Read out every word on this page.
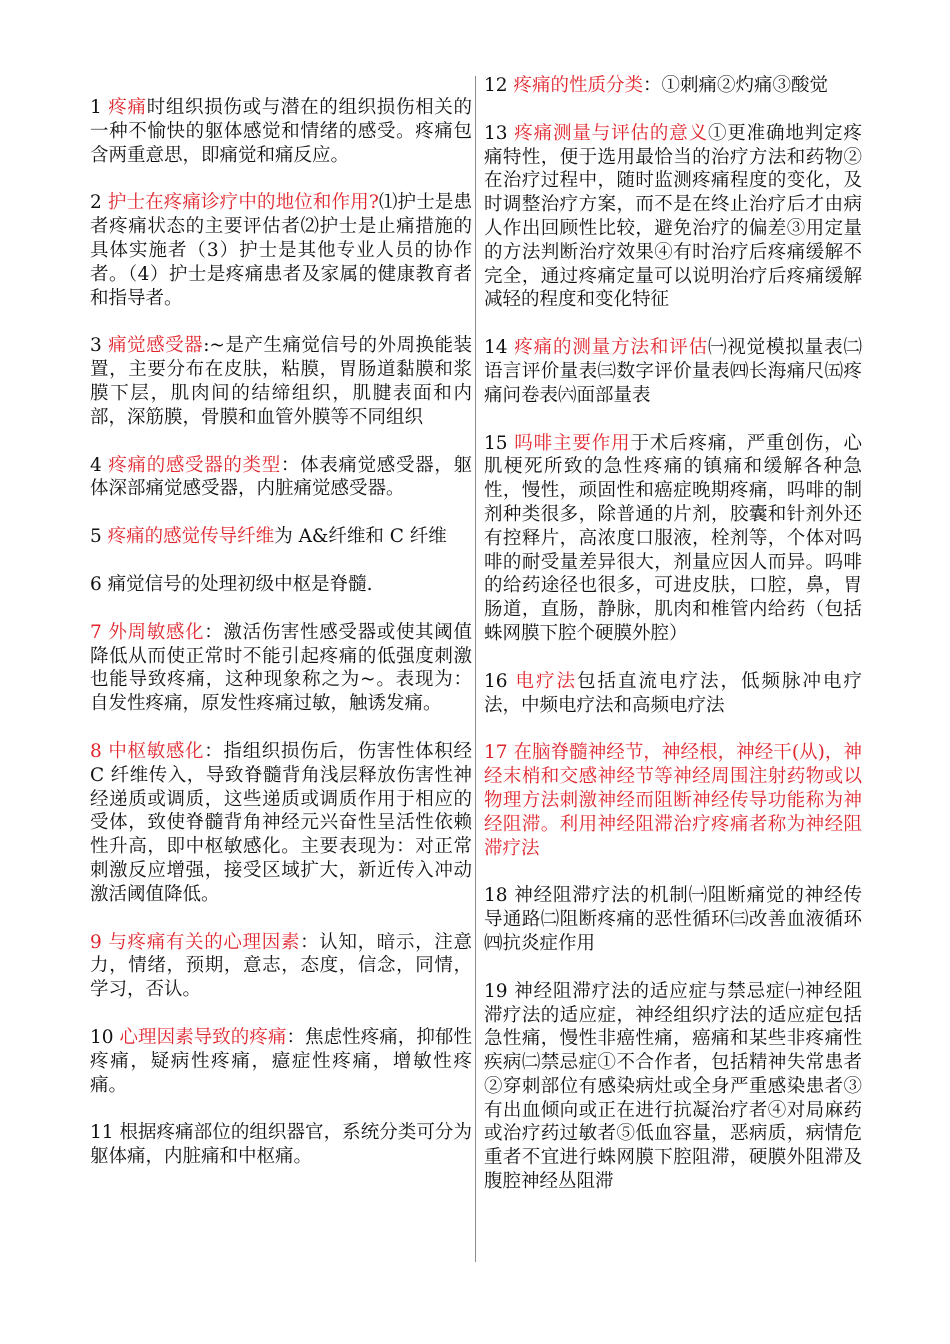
1 疼痛时组织损伤或与潜在的组织损伤相关的一种不愉快的躯体感觉和情绪的感受。疼痛包含两重意思，即痛觉和痛反应。

2 护士在疼痛诊疗中的地位和作用?⑴护士是患者疼痛状态的主要评估者⑵护士是止痛措施的具体实施者（3）护士是其他专业人员的协作者。（4）护士是疼痛患者及家属的健康教育者和指导者。

3 痛觉感受器:~是产生痛觉信号的外周换能装置，主要分布在皮肤，粘膜，胃肠道黏膜和浆膜下层，肌肉间的结缔组织，肌腱表面和内部，深筋膜，骨膜和血管外膜等不同组织

4 疼痛的感受器的类型：体表痛觉感受器，躯体深部痛觉感受器，内脏痛觉感受器。

5 疼痛的感觉传导纤维为 A&纤维和 C 纤维

6 痛觉信号的处理初级中枢是脊髓.

7 外周敏感化：激活伤害性感受器或使其阈值降低从而使正常时不能引起疼痛的低强度刺激也能导致疼痛，这种现象称之为~。表现为：自发性疼痛，原发性疼痛过敏，触诱发痛。

8 中枢敏感化：指组织损伤后，伤害性体积经 C 纤维传入，导致脊髓背角浅层释放伤害性神经递质或调质，这些递质或调质作用于相应的受体，致使脊髓背角神经元兴奋性呈活性依赖性升高，即中枢敏感化。主要表现为：对正常刺激反应增强，接受区域扩大，新近传入冲动激活阈值降低。

9 与疼痛有关的心理因素：认知，暗示，注意力，情绪，预期，意志，态度，信念，同情，学习，否认。

10 心理因素导致的疼痛：焦虑性疼痛，抑郁性疼痛，疑病性疼痛，癔症性疼痛，增敏性疼痛。

11 根据疼痛部位的组织器官，系统分类可分为躯体痛，内脏痛和中枢痛。

12 疼痛的性质分类：①刺痛②灼痛③酸觉

13 疼痛测量与评估的意义①更准确地判定疼痛特性，便于选用最恰当的治疗方法和药物②在治疗过程中，随时监测疼痛程度的变化，及时调整治疗方案，而不是在终止治疗后才由病人作出回顾性比较，避免治疗的偏差③用定量的方法判断治疗效果④有时治疗后疼痛缓解不完全，通过疼痛定量可以说明治疗后疼痛缓解减轻的程度和变化特征

14 疼痛的测量方法和评估㈠视觉模拟量表㈡语言评价量表㈢数字评价量表㈣长海痛尺㈤疼痛问卷表㈥面部量表

15 吗啡主要作用于术后疼痛，严重创伤，心肌梗死所致的急性疼痛的镇痛和缓解各种急性，慢性，顽固性和癌症晚期疼痛，吗啡的制剂种类很多，除普通的片剂，胶囊和针剂外还有控释片，高浓度口服液，栓剂等，个体对吗啡的耐受量差异很大，剂量应因人而异。吗啡的给药途径也很多，可进皮肤，口腔，鼻，胃肠道，直肠，静脉，肌肉和椎管内给药（包括蛛网膜下腔个硬膜外腔）

16 电疗法包括直流电疗法，低频脉冲电疗法，中频电疗法和高频电疗法

17 在脑脊髓神经节，神经根，神经干(从)，神经末梢和交感神经节等神经周围注射药物或以物理方法刺激神经而阻断神经传导功能称为神经阻滞。利用神经阻滞治疗疼痛者称为神经阻滞疗法

18 神经阻滞疗法的机制㈠阻断痛觉的神经传导通路㈡阻断疼痛的恶性循环㈢改善血液循环㈣抗炎症作用

19 神经阻滞疗法的适应症与禁忌症㈠神经阻滞疗法的适应症，神经组织疗法的适应症包括急性痛，慢性非癌性痛，癌痛和某些非疼痛性疾病㈡禁忌症①不合作者，包括精神失常患者②穿刺部位有感染病灶或全身严重感染患者③有出血倾向或正在进行抗凝治疗者④对局麻药或治疗药过敏者⑤低血容量，恶病质，病情危重者不宜进行蛛网膜下腔阻滞，硬膜外阻滞及腹腔神经丛阻滞
